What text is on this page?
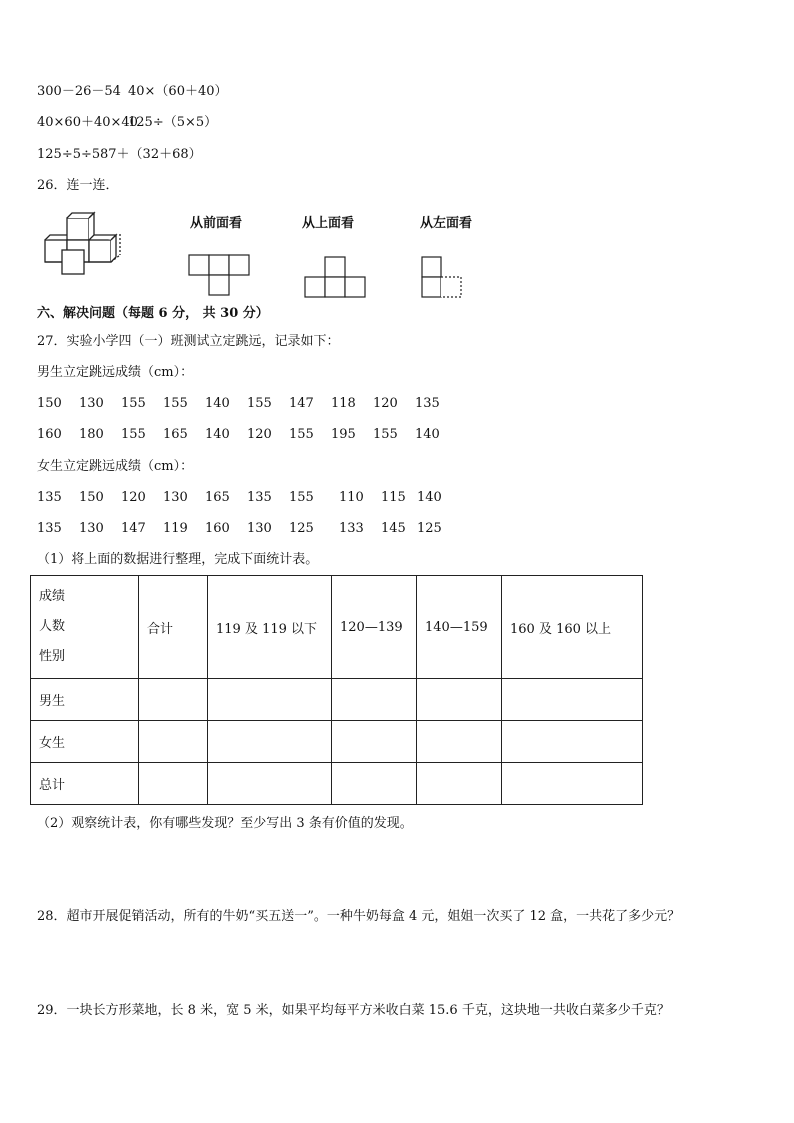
300－26－54 40×（60＋40）
40×60＋40×40125÷（5×5）
125÷5÷587＋（32＋68）
26．连一连．
从前面看	从上面看	从左面看
六、解决问题（每题 6 分， 共 30 分）
27．实验小学四（一）班测试立定跳远，记录如下：
男生立定跳远成绩（cm）：
150	130	155	155	140	155	147	118	120	135
160	180	155	165	140	120	155	195	155	140
女生立定跳远成绩（cm）：
135	150	120	130	165	135	155	110	115 140
135	130	147	119	160	130	125	133	145 125
（1）将上面的数据进行整理，完成下面统计表。
成绩
人数
性别	合计	119 及 119 以下	120—139	140—159	160 及 160 以上
男生					
女生					
总计					
（2）观察统计表，你有哪些发现？至少写出 3 条有价值的发现。
28．超市开展促销活动，所有的牛奶“买五送一”。一种牛奶每盒 4 元，姐姐一次买了 12 盒，一共花了多少元？
29．一块长方形菜地，长 8 米，宽 5 米，如果平均每平方米收白菜 15.6 千克，这块地一共收白菜多少千克？
